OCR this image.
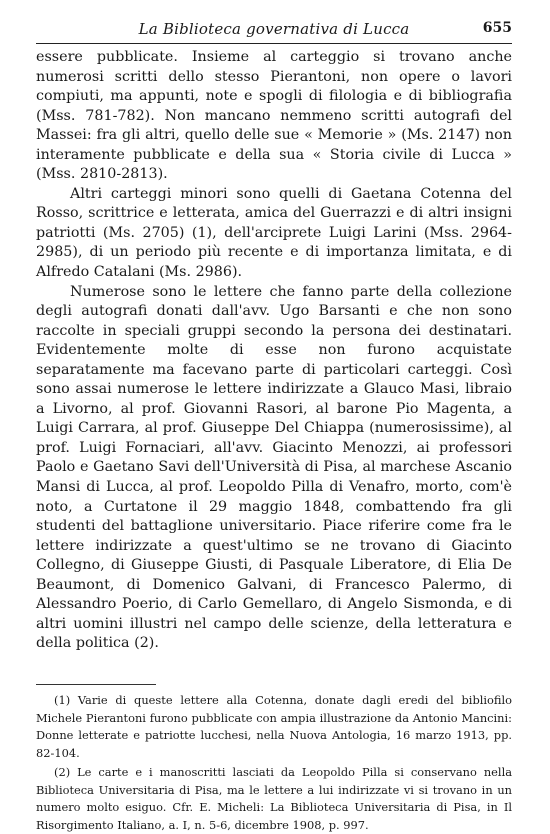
La Biblioteca governativa di Lucca	655

essere pubblicate. Insieme al carteggio si trovano anche numerosi scritti dello stesso Pierantoni, non opere o lavori compiuti, ma appunti, note e spogli di filologia e di bibliografia (Mss. 781-782). Non mancano nemmeno scritti autografi del Massei: fra gli altri, quello delle sue « Memorie » (Ms. 2147) non interamente pubblicate e della sua « Storia civile di Lucca » (Mss. 2810-2813).

Altri carteggi minori sono quelli di Gaetana Cotenna del Rosso, scrittrice e letterata, amica del Guerrazzi e di altri insigni patriotti (Ms. 2705) (1), dell'arciprete Luigi Larini (Mss. 2964-2985), di un periodo più recente e di importanza limitata, e di Alfredo Catalani (Ms. 2986).

Numerose sono le lettere che fanno parte della collezione degli autografi donati dall'avv. Ugo Barsanti e che non sono raccolte in speciali gruppi secondo la persona dei destinatari. Evidentemente molte di esse non furono acquistate separatamente ma facevano parte di particolari carteggi. Così sono assai numerose le lettere indirizzate a Glauco Masi, libraio a Livorno, al prof. Giovanni Rasori, al barone Pio Magenta, a Luigi Carrara, al prof. Giuseppe Del Chiappa (numerosissime), al prof. Luigi Fornaciari, all'avv. Giacinto Menozzi, ai professori Paolo e Gaetano Savi dell'Università di Pisa, al marchese Ascanio Mansi di Lucca, al prof. Leopoldo Pilla di Venafro, morto, com'è noto, a Curtatone il 29 maggio 1848, combattendo fra gli studenti del battaglione universitario. Piace riferire come fra le lettere indirizzate a quest'ultimo se ne trovano di Giacinto Collegno, di Giuseppe Giusti, di Pasquale Liberatore, di Elia De Beaumont, di Domenico Galvani, di Francesco Palermo, di Alessandro Poerio, di Carlo Gemellaro, di Angelo Sismonda, e di altri uomini illustri nel campo delle scienze, della letteratura e della politica (2).

(1) Varie di queste lettere alla Cotenna, donate dagli eredi del bibliofilo Michele Pierantoni furono pubblicate con ampia illustrazione da Antonio Mancini: Donne letterate e patriotte lucchesi, nella Nuova Antologia, 16 marzo 1913, pp. 82-104.

(2) Le carte e i manoscritti lasciati da Leopoldo Pilla si conservano nella Biblioteca Universitaria di Pisa, ma le lettere a lui indirizzate vi si trovano in un numero molto esiguo. Cfr. E. Micheli: La Biblioteca Universitaria di Pisa, in Il Risorgimento Italiano, a. I, n. 5-6, dicembre 1908, p. 997.
